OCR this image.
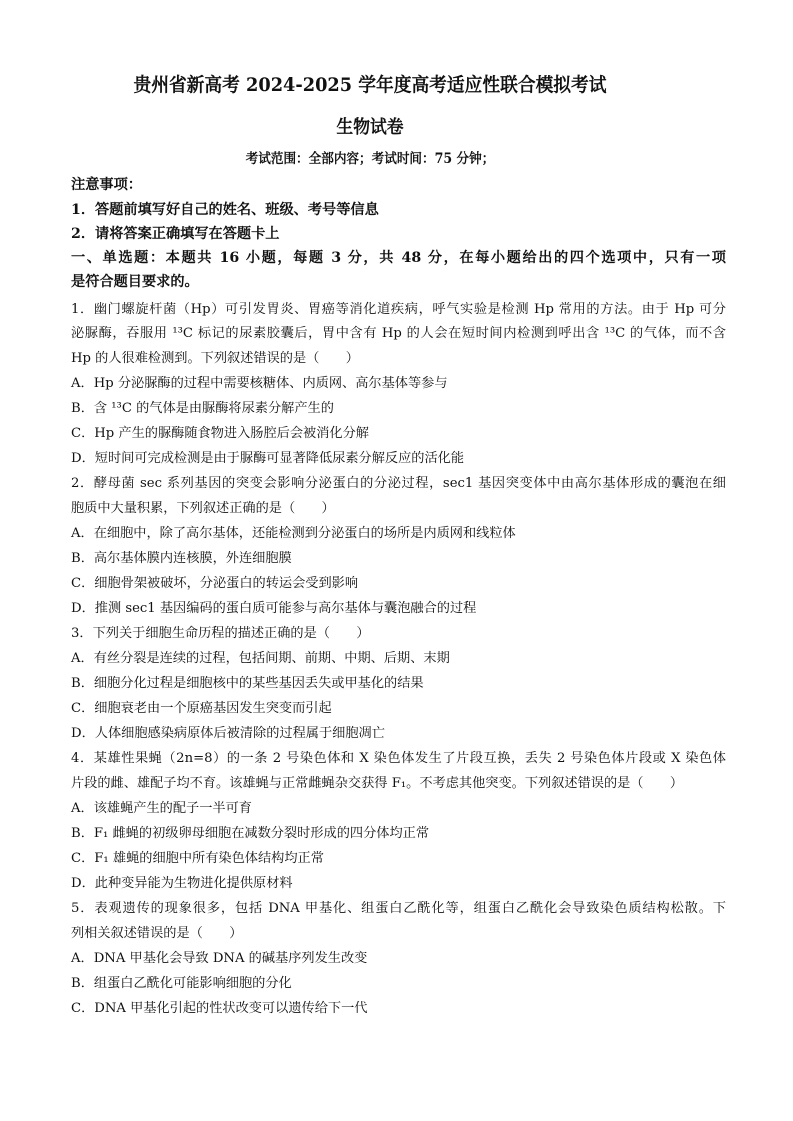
贵州省新高考 2024-2025 学年度高考适应性联合模拟考试
生物试卷
考试范围：全部内容；考试时间：75 分钟；
注意事项：
1．答题前填写好自己的姓名、班级、考号等信息
2．请将答案正确填写在答题卡上
一、单选题：本题共 16 小题，每题 3 分，共 48 分，在每小题给出的四个选项中，只有一项
是符合题目要求的。
1．幽门螺旋杆菌（Hp）可引发胃炎、胃癌等消化道疾病，呼气实验是检测 Hp 常用的方法。由于 Hp 可分
泌脲酶，吞服用 ¹³C 标记的尿素胶囊后，胃中含有 Hp 的人会在短时间内检测到呼出含 ¹³C 的气体，而不含
Hp 的人很难检测到。下列叙述错误的是（　　）
A．Hp 分泌脲酶的过程中需要核糖体、内质网、高尔基体等参与
B．含 ¹³C 的气体是由脲酶将尿素分解产生的
C．Hp 产生的脲酶随食物进入肠腔后会被消化分解
D．短时间可完成检测是由于脲酶可显著降低尿素分解反应的活化能
2．酵母菌 sec 系列基因的突变会影响分泌蛋白的分泌过程，sec1 基因突变体中由高尔基体形成的囊泡在细
胞质中大量积累，下列叙述正确的是（　　）
A．在细胞中，除了高尔基体，还能检测到分泌蛋白的场所是内质网和线粒体
B．高尔基体膜内连核膜，外连细胞膜
C．细胞骨架被破坏，分泌蛋白的转运会受到影响
D．推测 sec1 基因编码的蛋白质可能参与高尔基体与囊泡融合的过程
3．下列关于细胞生命历程的描述正确的是（　　）
A．有丝分裂是连续的过程，包括间期、前期、中期、后期、末期
B．细胞分化过程是细胞核中的某些基因丢失或甲基化的结果
C．细胞衰老由一个原癌基因发生突变而引起
D．人体细胞感染病原体后被清除的过程属于细胞凋亡
4．某雄性果蝇（2n=8）的一条 2 号染色体和 X 染色体发生了片段互换，丢失 2 号染色体片段或 X 染色体
片段的雌、雄配子均不育。该雄蝇与正常雌蝇杂交获得 F₁。不考虑其他突变。下列叙述错误的是（　　）
A．该雄蝇产生的配子一半可育
B．F₁ 雌蝇的初级卵母细胞在减数分裂时形成的四分体均正常
C．F₁ 雄蝇的细胞中所有染色体结构均正常
D．此种变异能为生物进化提供原材料
5．表观遗传的现象很多，包括 DNA 甲基化、组蛋白乙酰化等，组蛋白乙酰化会导致染色质结构松散。下
列相关叙述错误的是（　　）
A．DNA 甲基化会导致 DNA 的碱基序列发生改变
B．组蛋白乙酰化可能影响细胞的分化
C．DNA 甲基化引起的性状改变可以遗传给下一代
